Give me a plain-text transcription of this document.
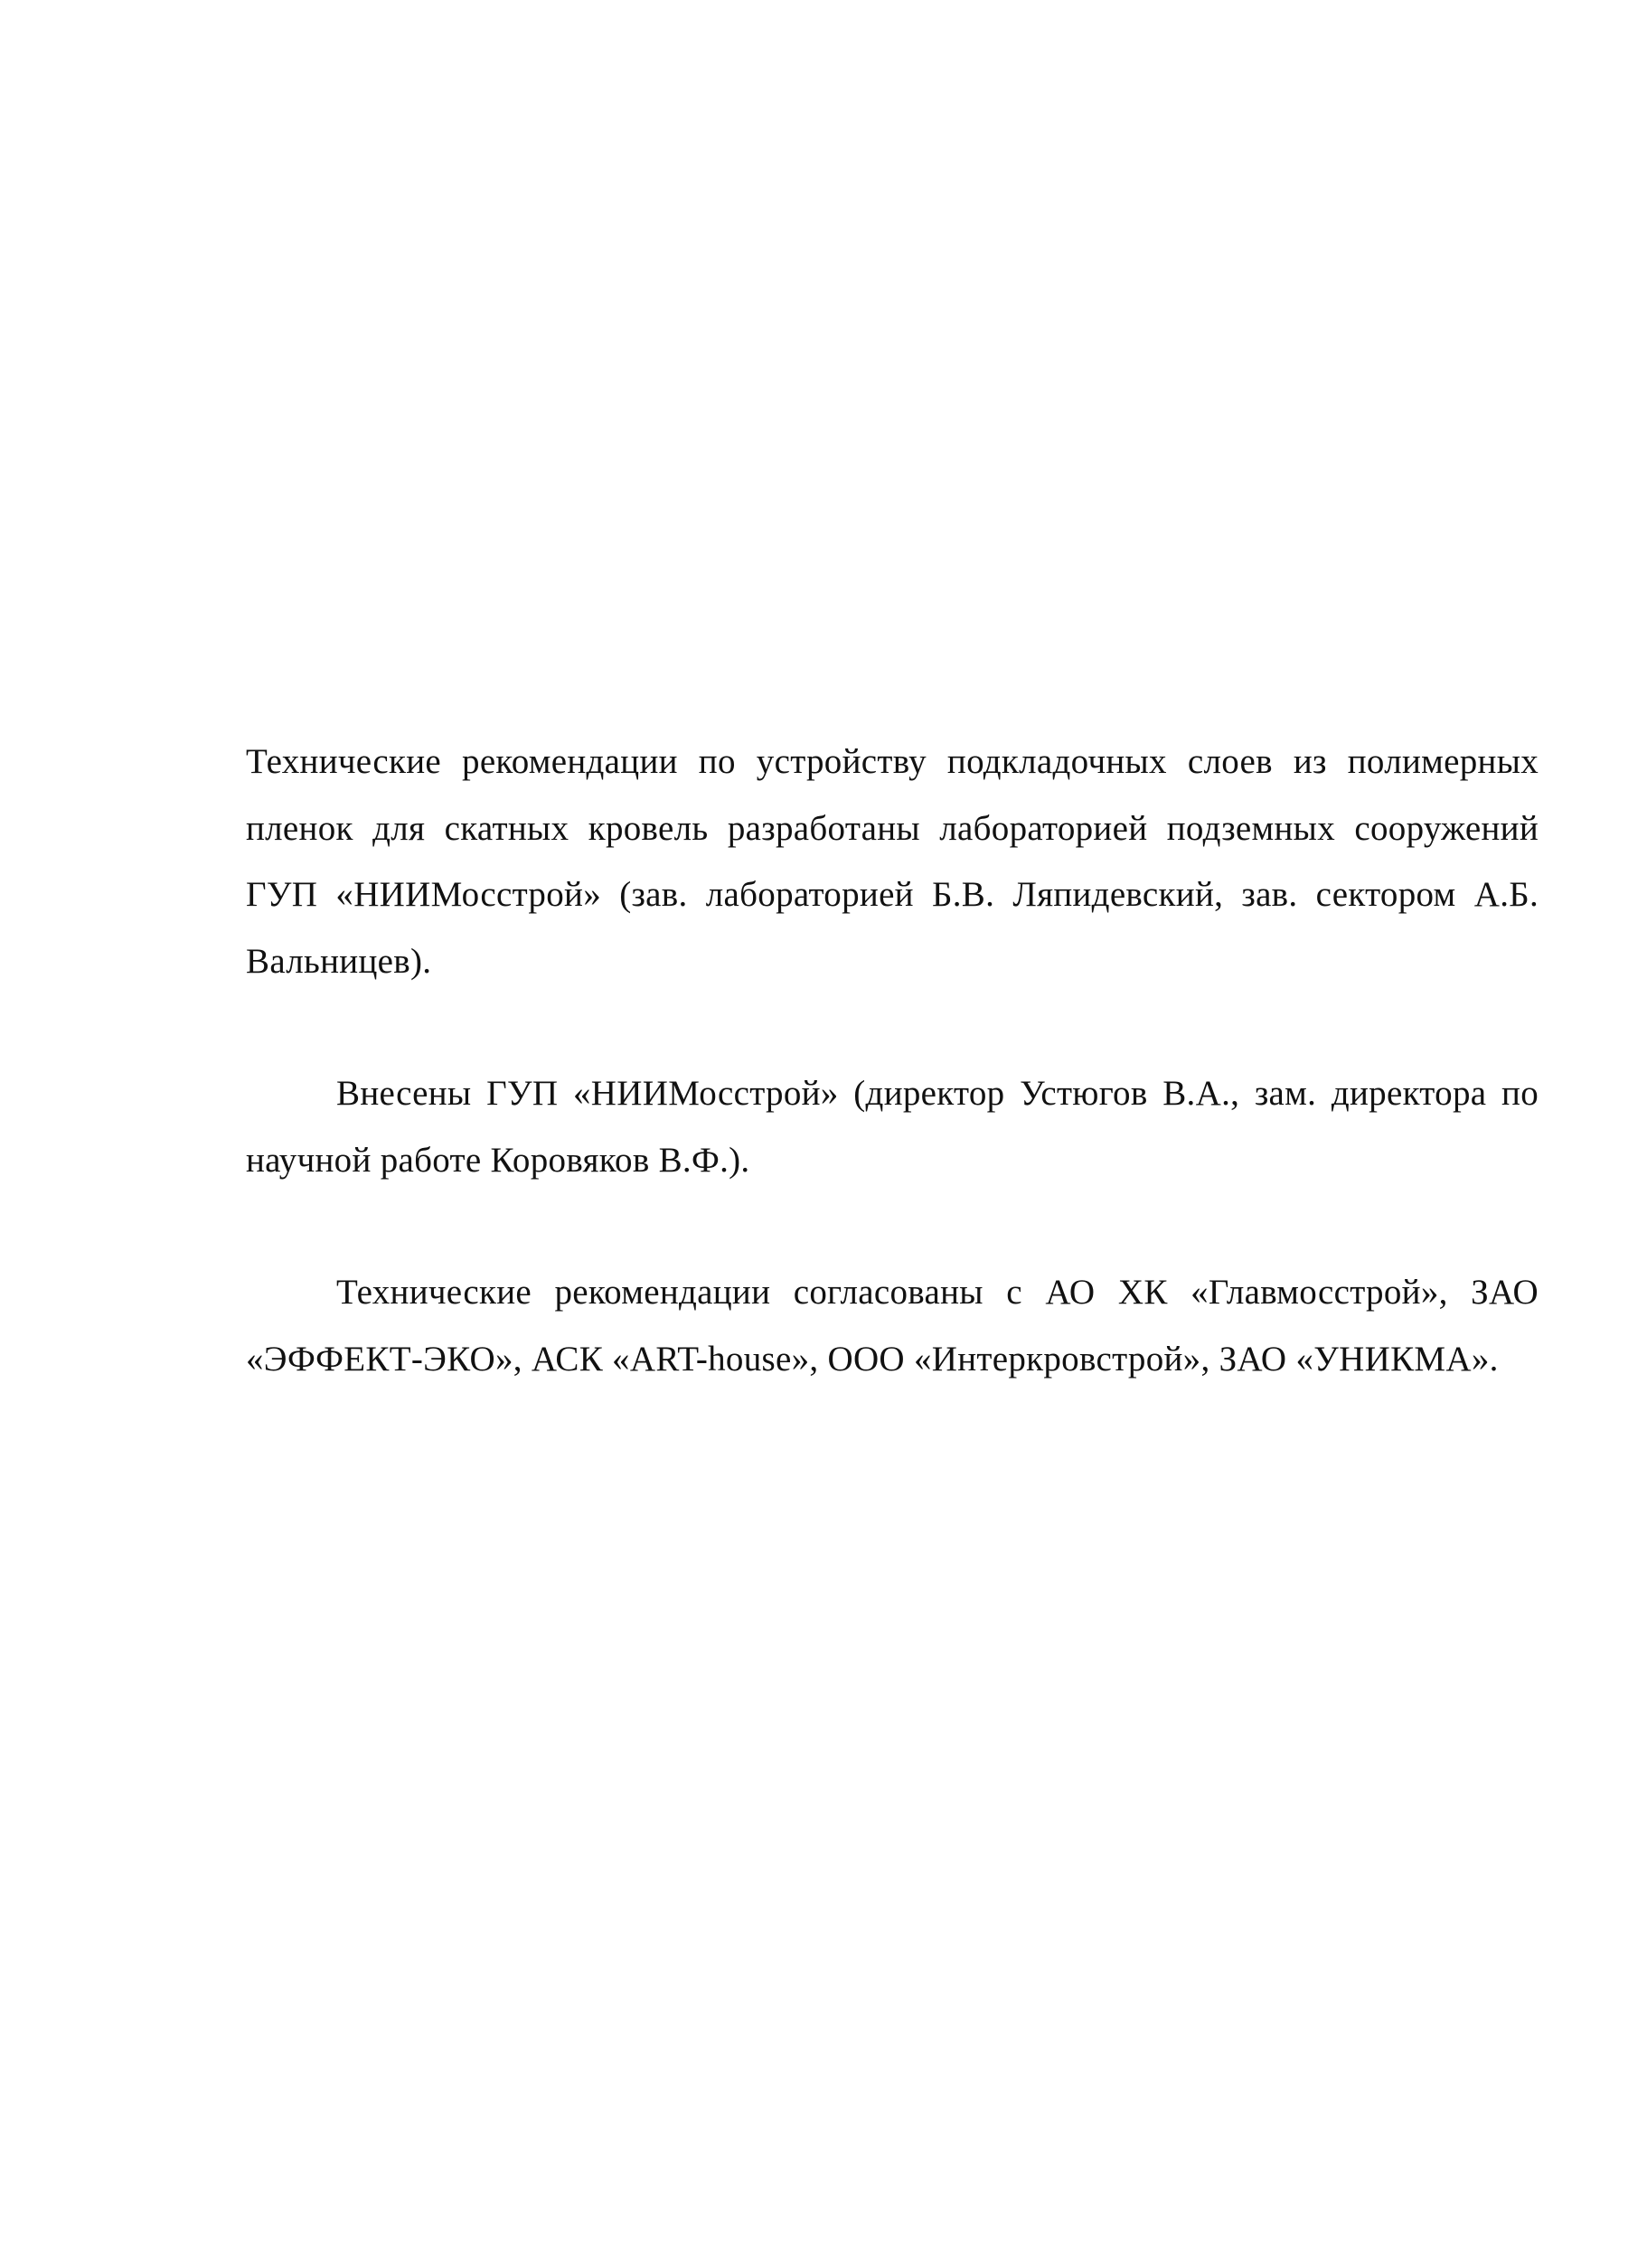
Технические рекомендации по устройству подкладочных слоев из полимерных пленок для скатных кровель разработаны лабораторией подземных сооружений ГУП «НИИМосстрой» (зав. лабораторией Б.В. Ляпидевский, зав. сектором А.Б. Вальницев).

Внесены ГУП «НИИМосстрой» (директор Устюгов В.А., зам. директора по научной работе Коровяков В.Ф.).

Технические рекомендации согласованы с АО ХК «Главмосстрой», ЗАО «ЭФФЕКТ-ЭКО», АСК «ART-house», ООО «Интеркровстрой», ЗАО «УНИКМА».
